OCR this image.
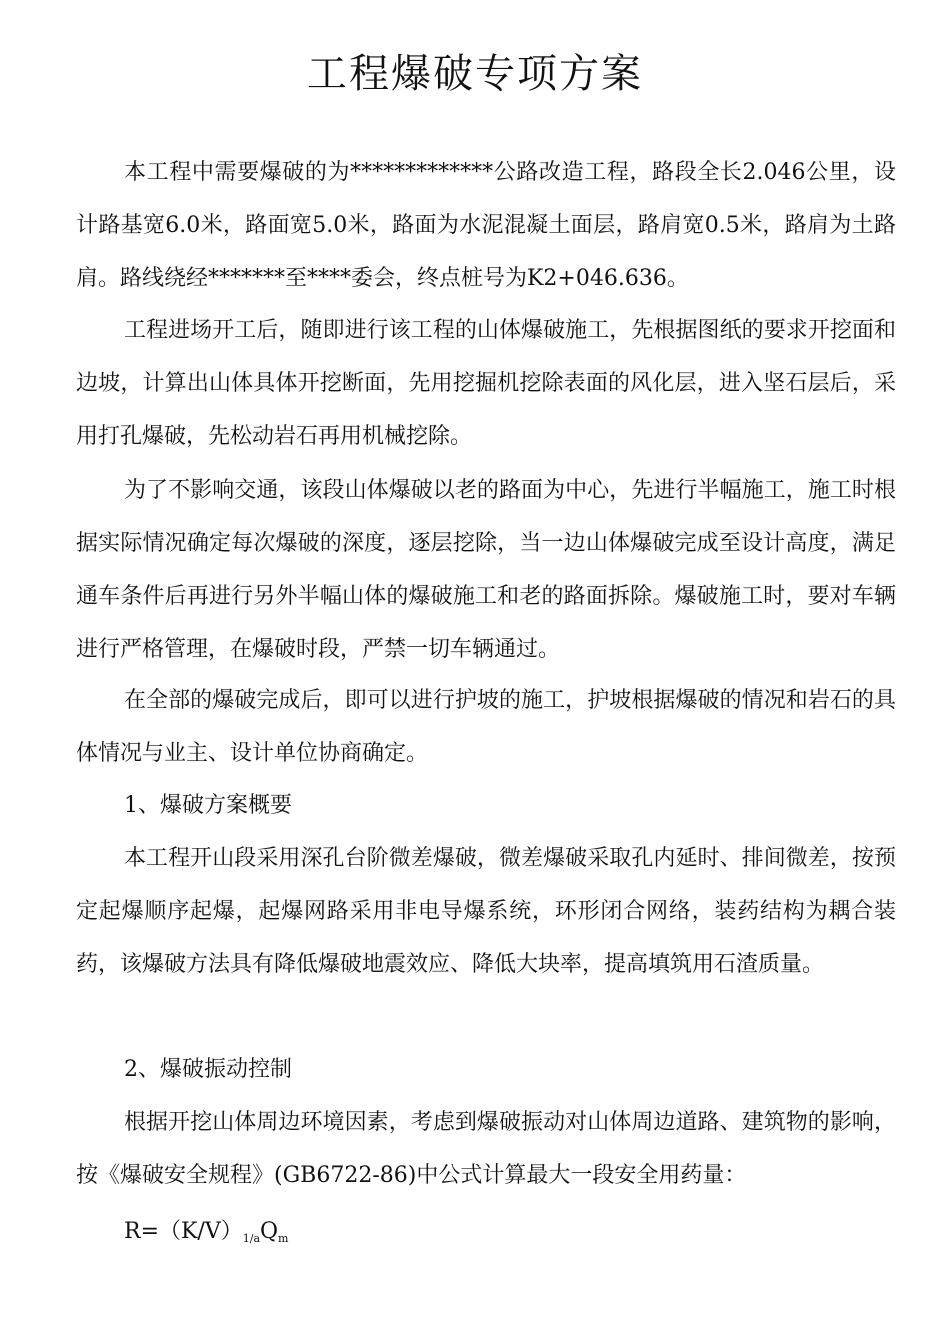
工程爆破专项方案

本工程中需要爆破的为*************公路改造工程，路段全长2.046公里，设计路基宽6.0米，路面宽5.0米，路面为水泥混凝土面层，路肩宽0.5米，路肩为土路肩。路线绕经*******至****委会，终点桩号为K2+046.636。

工程进场开工后，随即进行该工程的山体爆破施工，先根据图纸的要求开挖面和边坡，计算出山体具体开挖断面，先用挖掘机挖除表面的风化层，进入坚石层后，采用打孔爆破，先松动岩石再用机械挖除。

为了不影响交通，该段山体爆破以老的路面为中心，先进行半幅施工，施工时根据实际情况确定每次爆破的深度，逐层挖除，当一边山体爆破完成至设计高度，满足通车条件后再进行另外半幅山体的爆破施工和老的路面拆除。爆破施工时，要对车辆进行严格管理，在爆破时段，严禁一切车辆通过。

在全部的爆破完成后，即可以进行护坡的施工，护坡根据爆破的情况和岩石的具体情况与业主、设计单位协商确定。

1、爆破方案概要

本工程开山段采用深孔台阶微差爆破，微差爆破采取孔内延时、排间微差，按预定起爆顺序起爆，起爆网路采用非电导爆系统，环形闭合网络，装药结构为耦合装药，该爆破方法具有降低爆破地震效应、降低大块率，提高填筑用石渣质量。

2、爆破振动控制

根据开挖山体周边环境因素，考虑到爆破振动对山体周边道路、建筑物的影响，按《爆破安全规程》(GB6722-86)中公式计算最大一段安全用药量：

$R=(K/V)_{1/a}Q_m$
